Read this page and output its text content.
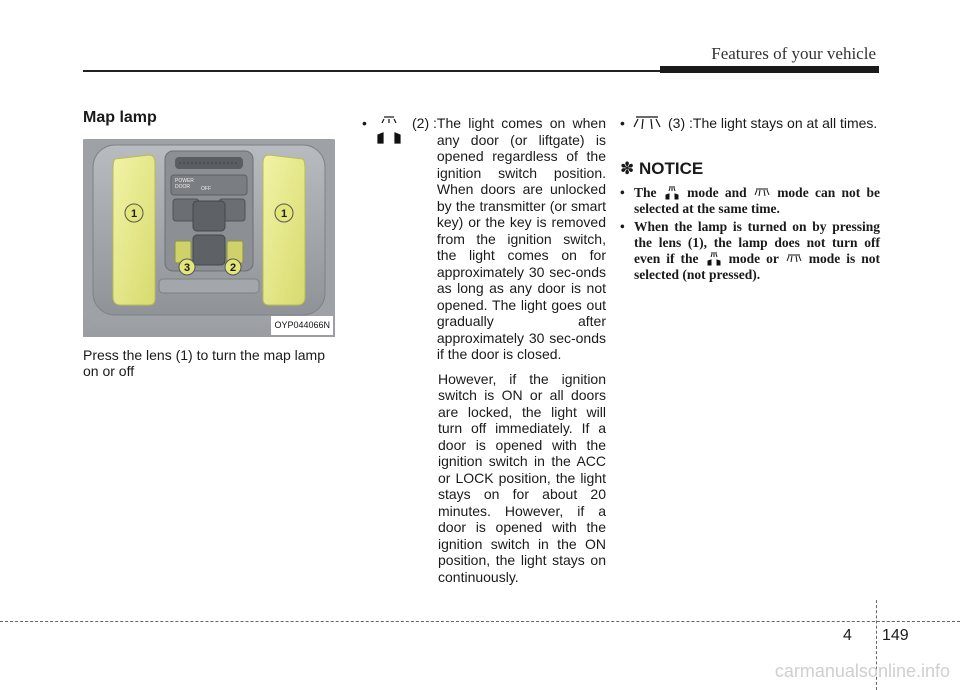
Features of your vehicle
Map lamp
1	1
3	2
POWER
DOOR	OFF
OYP044066N
Press the lens (1) to turn the map lamp on or off
•	(2) : The light comes on when any door (or liftgate) is opened regardless of the ignition switch position. When doors are unlocked by the transmitter (or smart key) or the key is removed from the ignition switch, the light comes on for approximately 30 sec-onds as long as any door is not opened. The light goes out gradually after approximately 30 sec-onds if the door is closed.
However, if the ignition switch is ON or all doors are locked, the light will turn off immediately. If a door is opened with the ignition switch in the ACC or LOCK position, the light stays on for about 20 minutes. However, if a door is opened with the ignition switch in the ON position, the light stays on continuously.
•	(3) : The light stays on at all times.
✽ NOTICE
• The mode and mode can not be selected at the same time.
• When the lamp is turned on by pressing the lens (1), the lamp does not turn off even if the mode or mode is not selected (not pressed).
4 149
carmanualsonline.info
